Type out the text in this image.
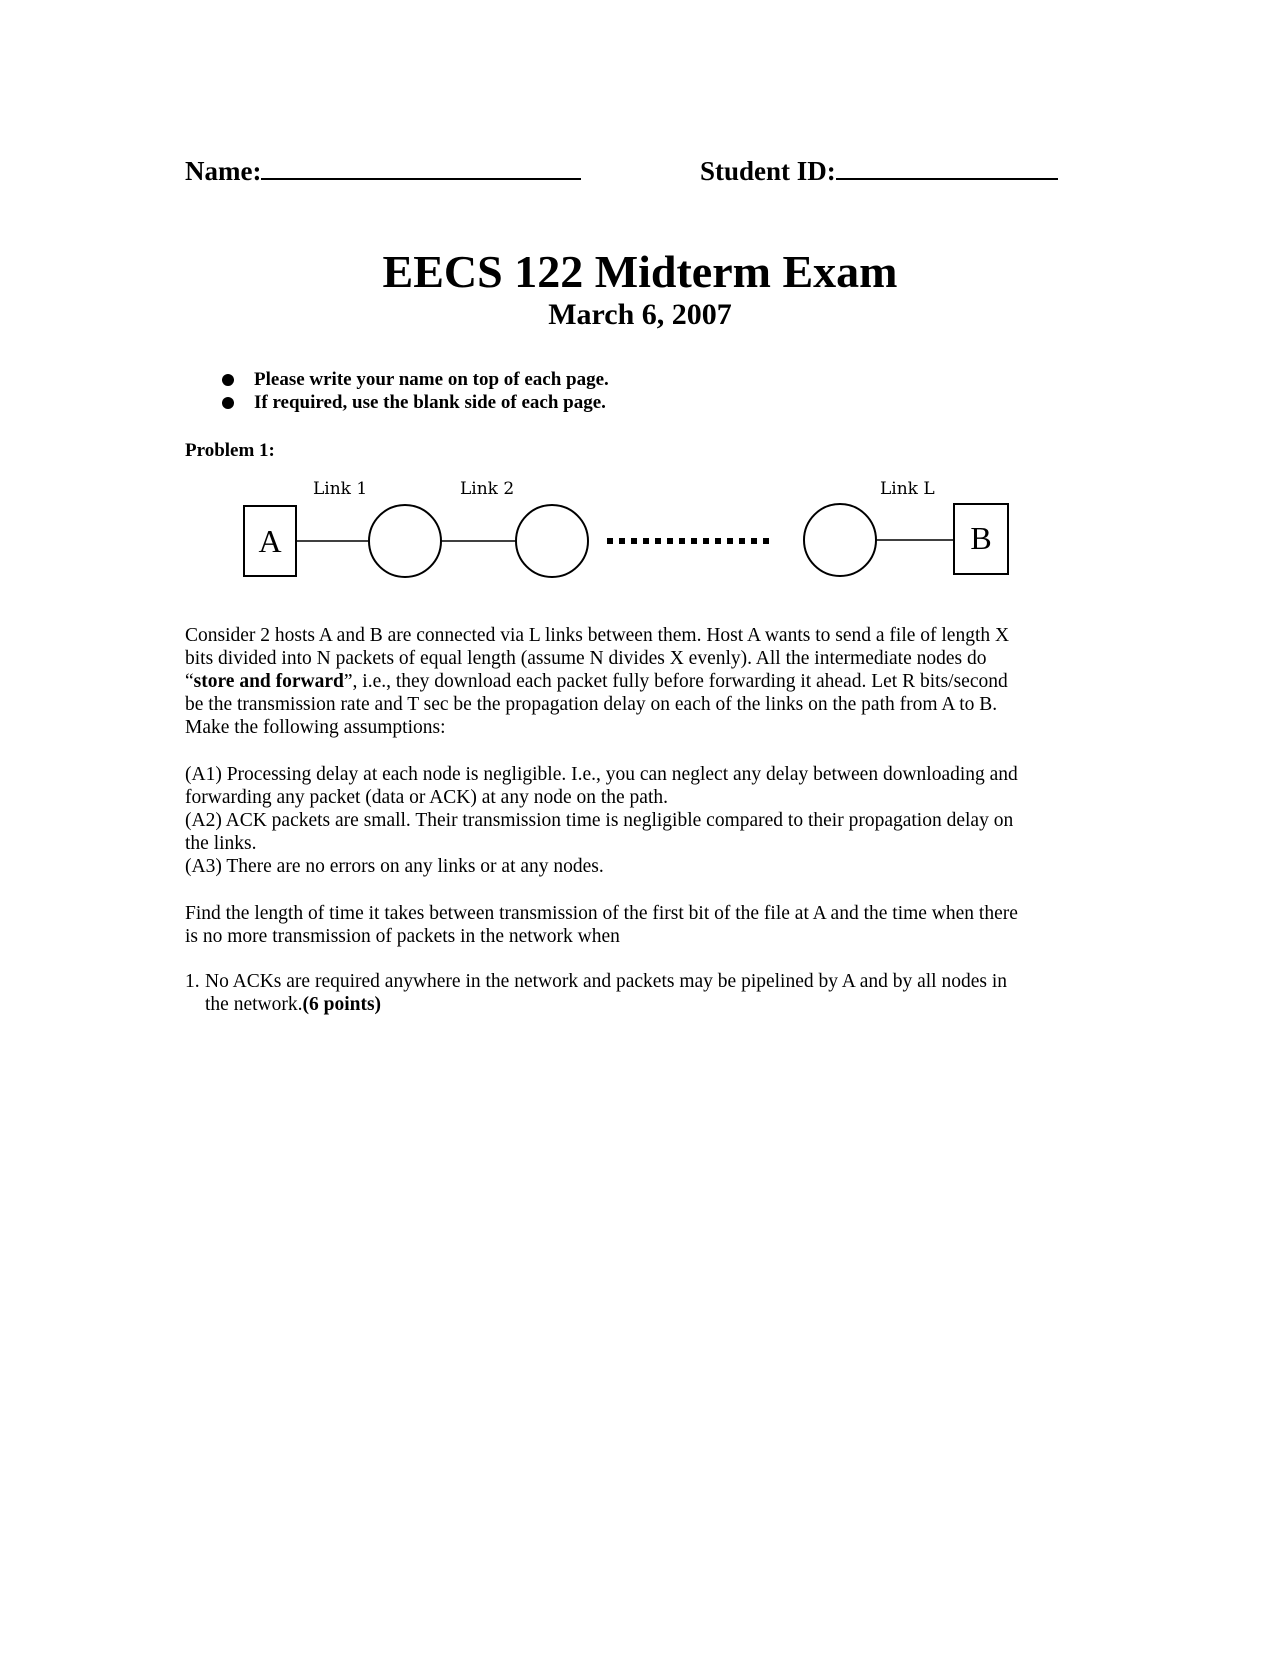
Name:	Student ID:
EECS 122 Midterm Exam
March 6, 2007
Please write your name on top of each page.
If required, use the blank side of each page.
Problem 1:
Link 1	Link 2	Link L
A	B

Consider 2 hosts A and B are connected via L links between them. Host A wants to send a file of length X

bits divided into N packets of equal length (assume N divides X evenly). All the intermediate nodes do

“store and forward”, i.e., they download each packet fully before forwarding it ahead. Let R bits/second

be the transmission rate and T sec be the propagation delay on each of the links on the path from A to B.

Make the following assumptions:

(A1) Processing delay at each node is negligible. I.e., you can neglect any delay between downloading and

forwarding any packet (data or ACK) at any node on the path.

(A2) ACK packets are small. Their transmission time is negligible compared to their propagation delay on

the links.

(A3) There are no errors on any links or at any nodes.

Find the length of time it takes between transmission of the first bit of the file at A and the time when there

is no more transmission of packets in the network when

1. No ACKs are required anywhere in the network and packets may be pipelined by A and by all nodes in
the network.(6 points)
